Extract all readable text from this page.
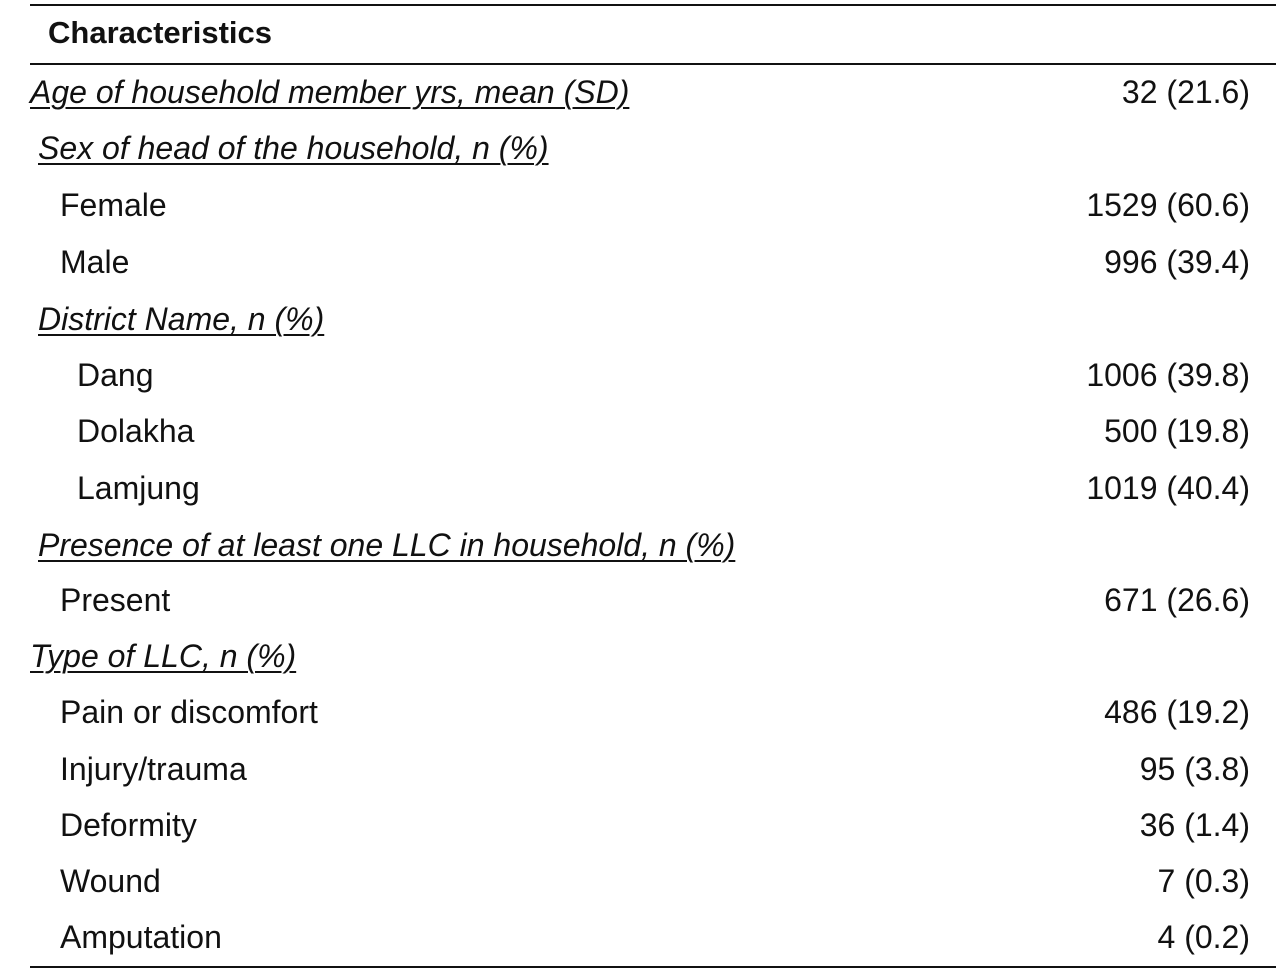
Characteristics
Age of household member yrs, mean (SD)	32 (21.6)
Sex of head of the household, n (%)
Female	1529 (60.6)
Male	996 (39.4)
District Name, n (%)
Dang	1006 (39.8)
Dolakha	500 (19.8)
Lamjung	1019 (40.4)
Presence of at least one LLC in household, n (%)
Present	671 (26.6)
Type of LLC, n (%)
Pain or discomfort	486 (19.2)
Injury/trauma	95 (3.8)
Deformity	36 (1.4)
Wound	7 (0.3)
Amputation	4 (0.2)
